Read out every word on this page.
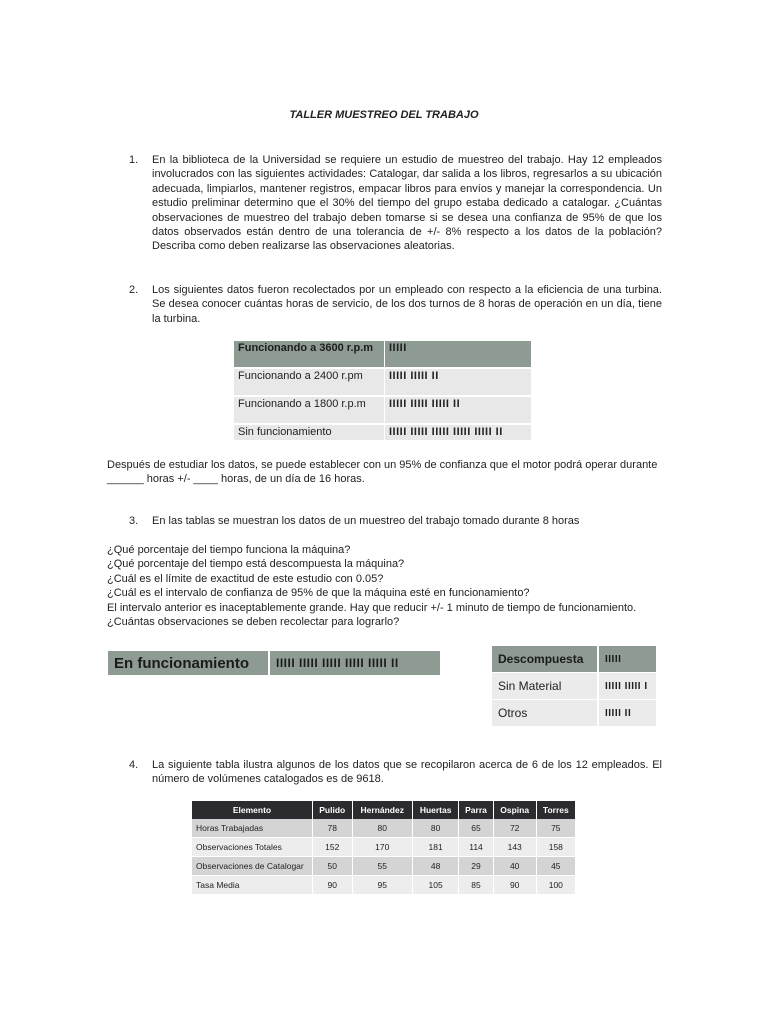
TALLER MUESTREO DEL TRABAJO
1. En la biblioteca de la Universidad se requiere un estudio de muestreo del trabajo. Hay 12 empleados involucrados con las siguientes actividades: Catalogar, dar salida a los libros, regresarlos a su ubicación adecuada, limpiarlos, mantener registros, empacar libros para envíos y manejar la correspondencia. Un estudio preliminar determino que el 30% del tiempo del grupo estaba dedicado a catalogar. ¿Cuántas observaciones de muestreo del trabajo deben tomarse si se desea una confianza de 95% de que los datos observados están dentro de una tolerancia de +/- 8% respecto a los datos de la población? Describa como deben realizarse las observaciones aleatorias.
2. Los siguientes datos fueron recolectados por un empleado con respecto a la eficiencia de una turbina. Se desea conocer cuántas horas de servicio, de los dos turnos de 8 horas de operación en un día, tiene la turbina.
Funcionando a 3600 r.p.m	IIIII
Funcionando a 2400 r.pm	IIIII IIIII II
Funcionando a 1800 r.p.m	IIIII IIIII IIIII II
Sin funcionamiento	IIIII IIIII IIIII IIIII IIIII II
Después de estudiar los datos, se puede establecer con un 95% de confianza que el motor podrá operar durante
______ horas +/- ____ horas, de un día de 16 horas.
3. En las tablas se muestran los datos de un muestreo del trabajo tomado durante 8 horas
¿Qué porcentaje del tiempo funciona la máquina?
¿Qué porcentaje del tiempo está descompuesta la máquina?
¿Cuál es el límite de exactitud de este estudio con 0.05?
¿Cuál es el intervalo de confianza de 95% de que la máquina esté en funcionamiento?
El intervalo anterior es inaceptablemente grande. Hay que reducir +/- 1 minuto de tiempo de funcionamiento.
¿Cuántas observaciones se deben recolectar para lograrlo?
En funcionamiento	IIIII IIIII IIIII IIIII IIIII II	Descompuesta	IIIII
Sin Material	IIIII IIIII I
Otros	IIIII II
4. La siguiente tabla ilustra algunos de los datos que se recopilaron acerca de 6 de los 12 empleados. El número de volúmenes catalogados es de 9618.
Elemento	Pulido	Hernández	Huertas	Parra	Ospina	Torres
Horas Trabajadas	78	80	80	65	72	75
Observaciones Totales	152	170	181	114	143	158
Observaciones de Catalogar	50	55	48	29	40	45
Tasa Media	90	95	105	85	90	100
